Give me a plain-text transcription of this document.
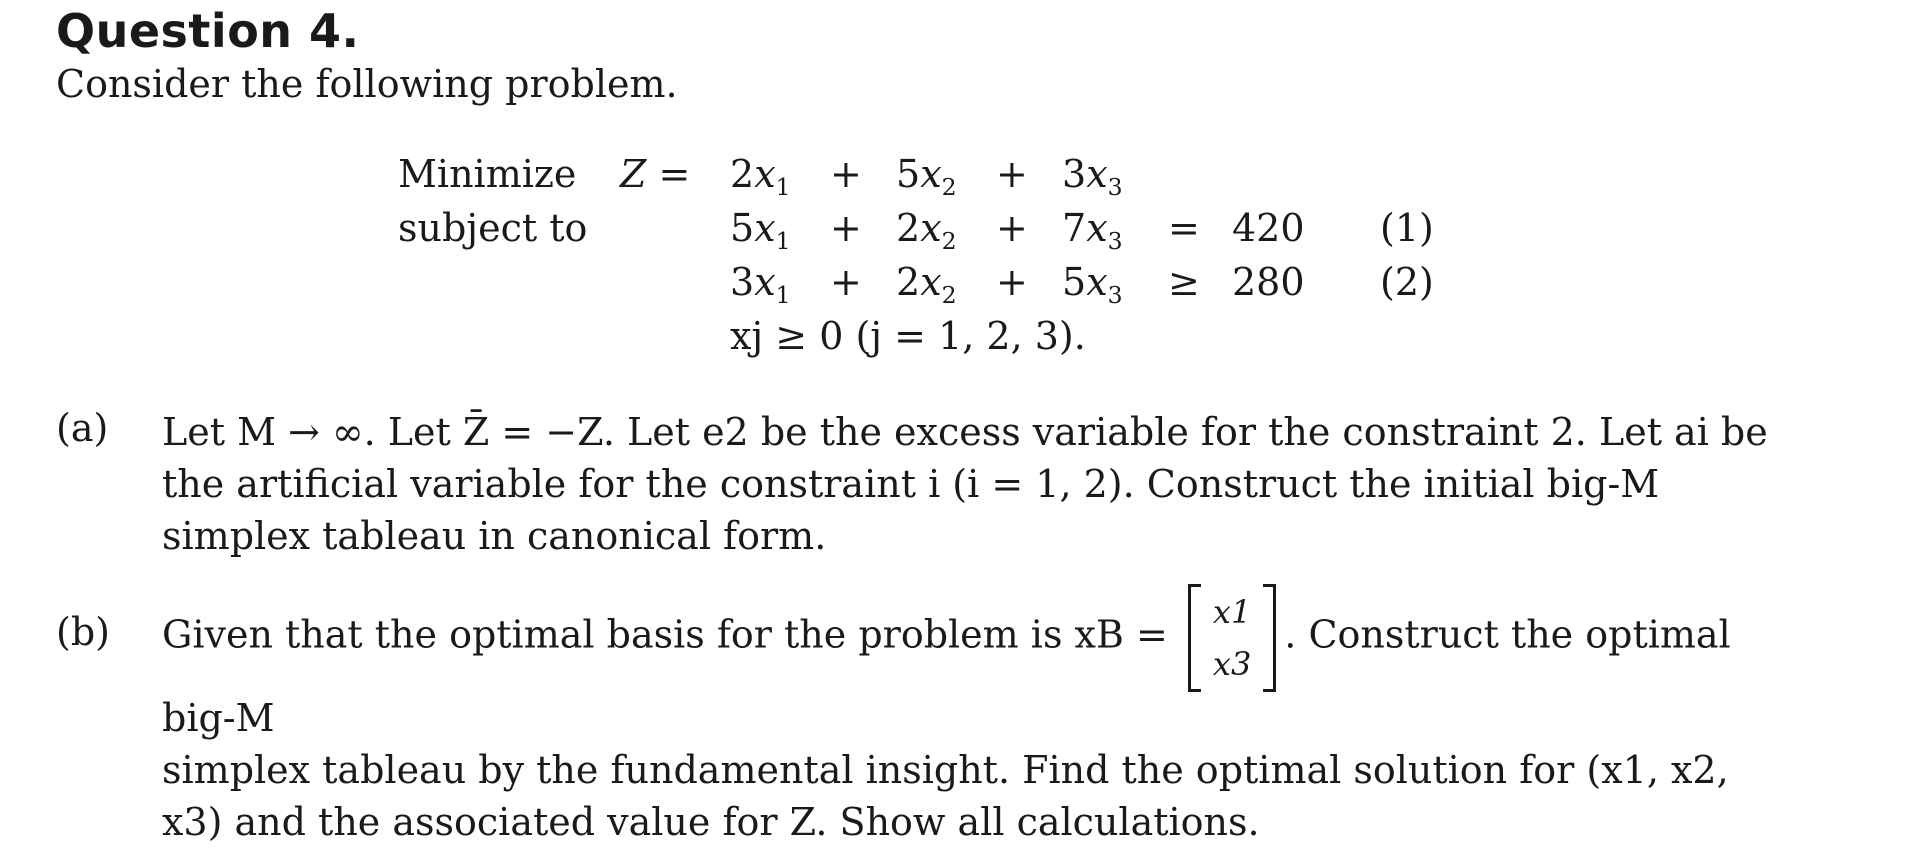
Question 4.
Consider the following problem.
Minimize
subject to
$Z = 2x_1 + 5x_2 + 3x_3$
$5x_1 + 2x_2 + 7x_3 = 420$ (1)
$3x_1 + 2x_2 + 5x_3 \ge 280$ (2)
xj ≥ 0 (j = 1, 2, 3).
(a) Let M → ∞. Let Z̄ = −Z. Let e2 be the excess variable for the constraint 2. Let ai be the artificial variable for the constraint i (i = 1, 2). Construct the initial big-M simplex tableau in canonical form.
(b) Given that the optimal basis for the problem is xB =
x1
x3
. Construct the optimal big-M
simplex tableau by the fundamental insight. Find the optimal solution for (x1, x2, x3) and the associated value for Z. Show all calculations.
